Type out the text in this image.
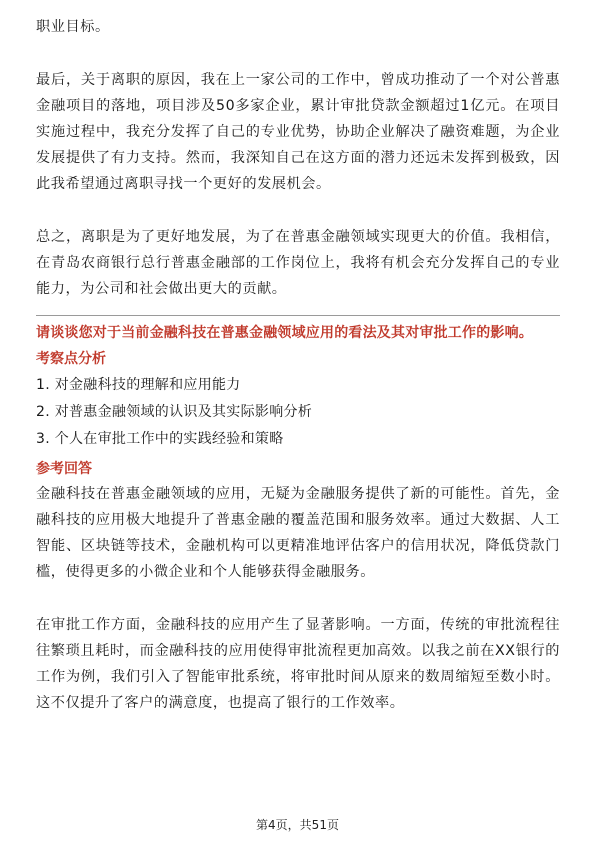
职业目标。

最后，关于离职的原因，我在上一家公司的工作中，曾成功推动了一个对公普惠金融项目的落地，项目涉及50多家企业，累计审批贷款金额超过1亿元。在项目实施过程中，我充分发挥了自己的专业优势，协助企业解决了融资难题，为企业发展提供了有力支持。然而，我深知自己在这方面的潜力还远未发挥到极致，因此我希望通过离职寻找一个更好的发展机会。

总之，离职是为了更好地发展，为了在普惠金融领域实现更大的价值。我相信，在青岛农商银行总行普惠金融部的工作岗位上，我将有机会充分发挥自己的专业能力，为公司和社会做出更大的贡献。

请谈谈您对于当前金融科技在普惠金融领域应用的看法及其对审批工作的影响。
考察点分析

1. 对金融科技的理解和应用能力

2. 对普惠金融领域的认识及其实际影响分析

3. 个人在审批工作中的实践经验和策略

参考回答

金融科技在普惠金融领域的应用，无疑为金融服务提供了新的可能性。首先，金融科技的应用极大地提升了普惠金融的覆盖范围和服务效率。通过大数据、人工智能、区块链等技术，金融机构可以更精准地评估客户的信用状况，降低贷款门槛，使得更多的小微企业和个人能够获得金融服务。

在审批工作方面，金融科技的应用产生了显著影响。一方面，传统的审批流程往往繁琐且耗时，而金融科技的应用使得审批流程更加高效。以我之前在XX银行的工作为例，我们引入了智能审批系统，将审批时间从原来的数周缩短至数小时。这不仅提升了客户的满意度，也提高了银行的工作效率。

第4页，共51页
